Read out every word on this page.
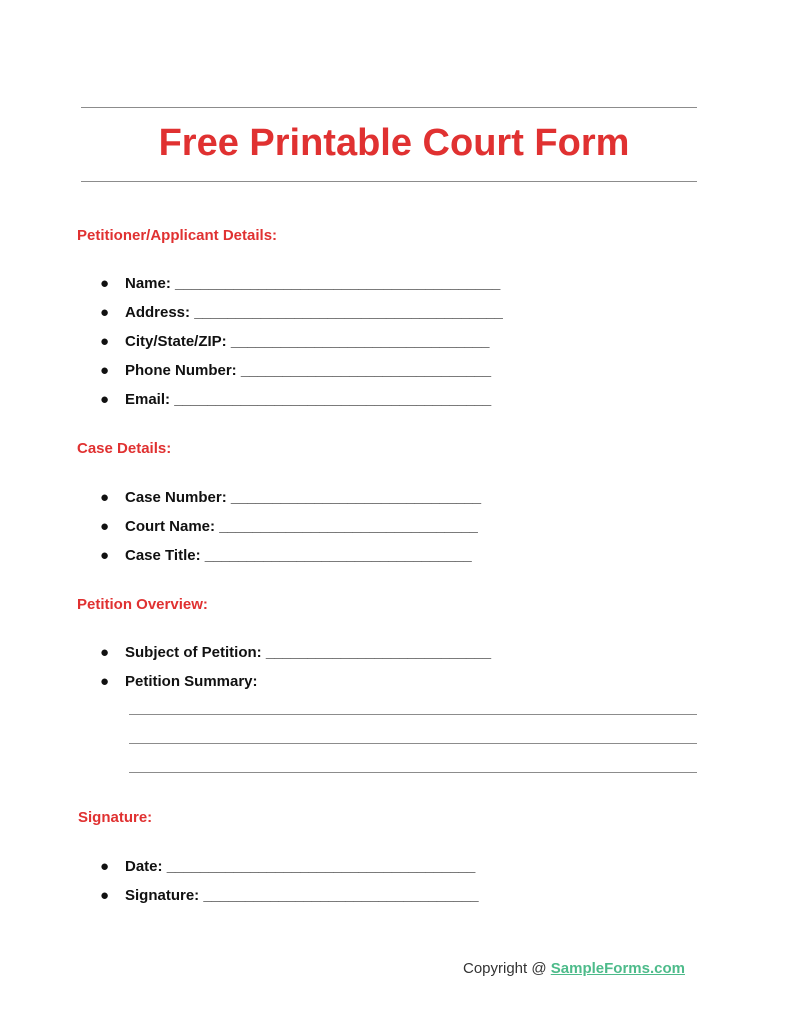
Free Printable Court Form
Petitioner/Applicant Details:
● Name: _______________________________________
● Address: _____________________________________
● City/State/ZIP: _______________________________
● Phone Number: ______________________________
● Email: ______________________________________
Case Details:
● Case Number: ______________________________
● Court Name: _______________________________
● Case Title: ________________________________
Petition Overview:
● Subject of Petition: ___________________________
● Petition Summary:
Signature:
● Date: _____________________________________
● Signature: _________________________________
Copyright @ SampleForms.com
